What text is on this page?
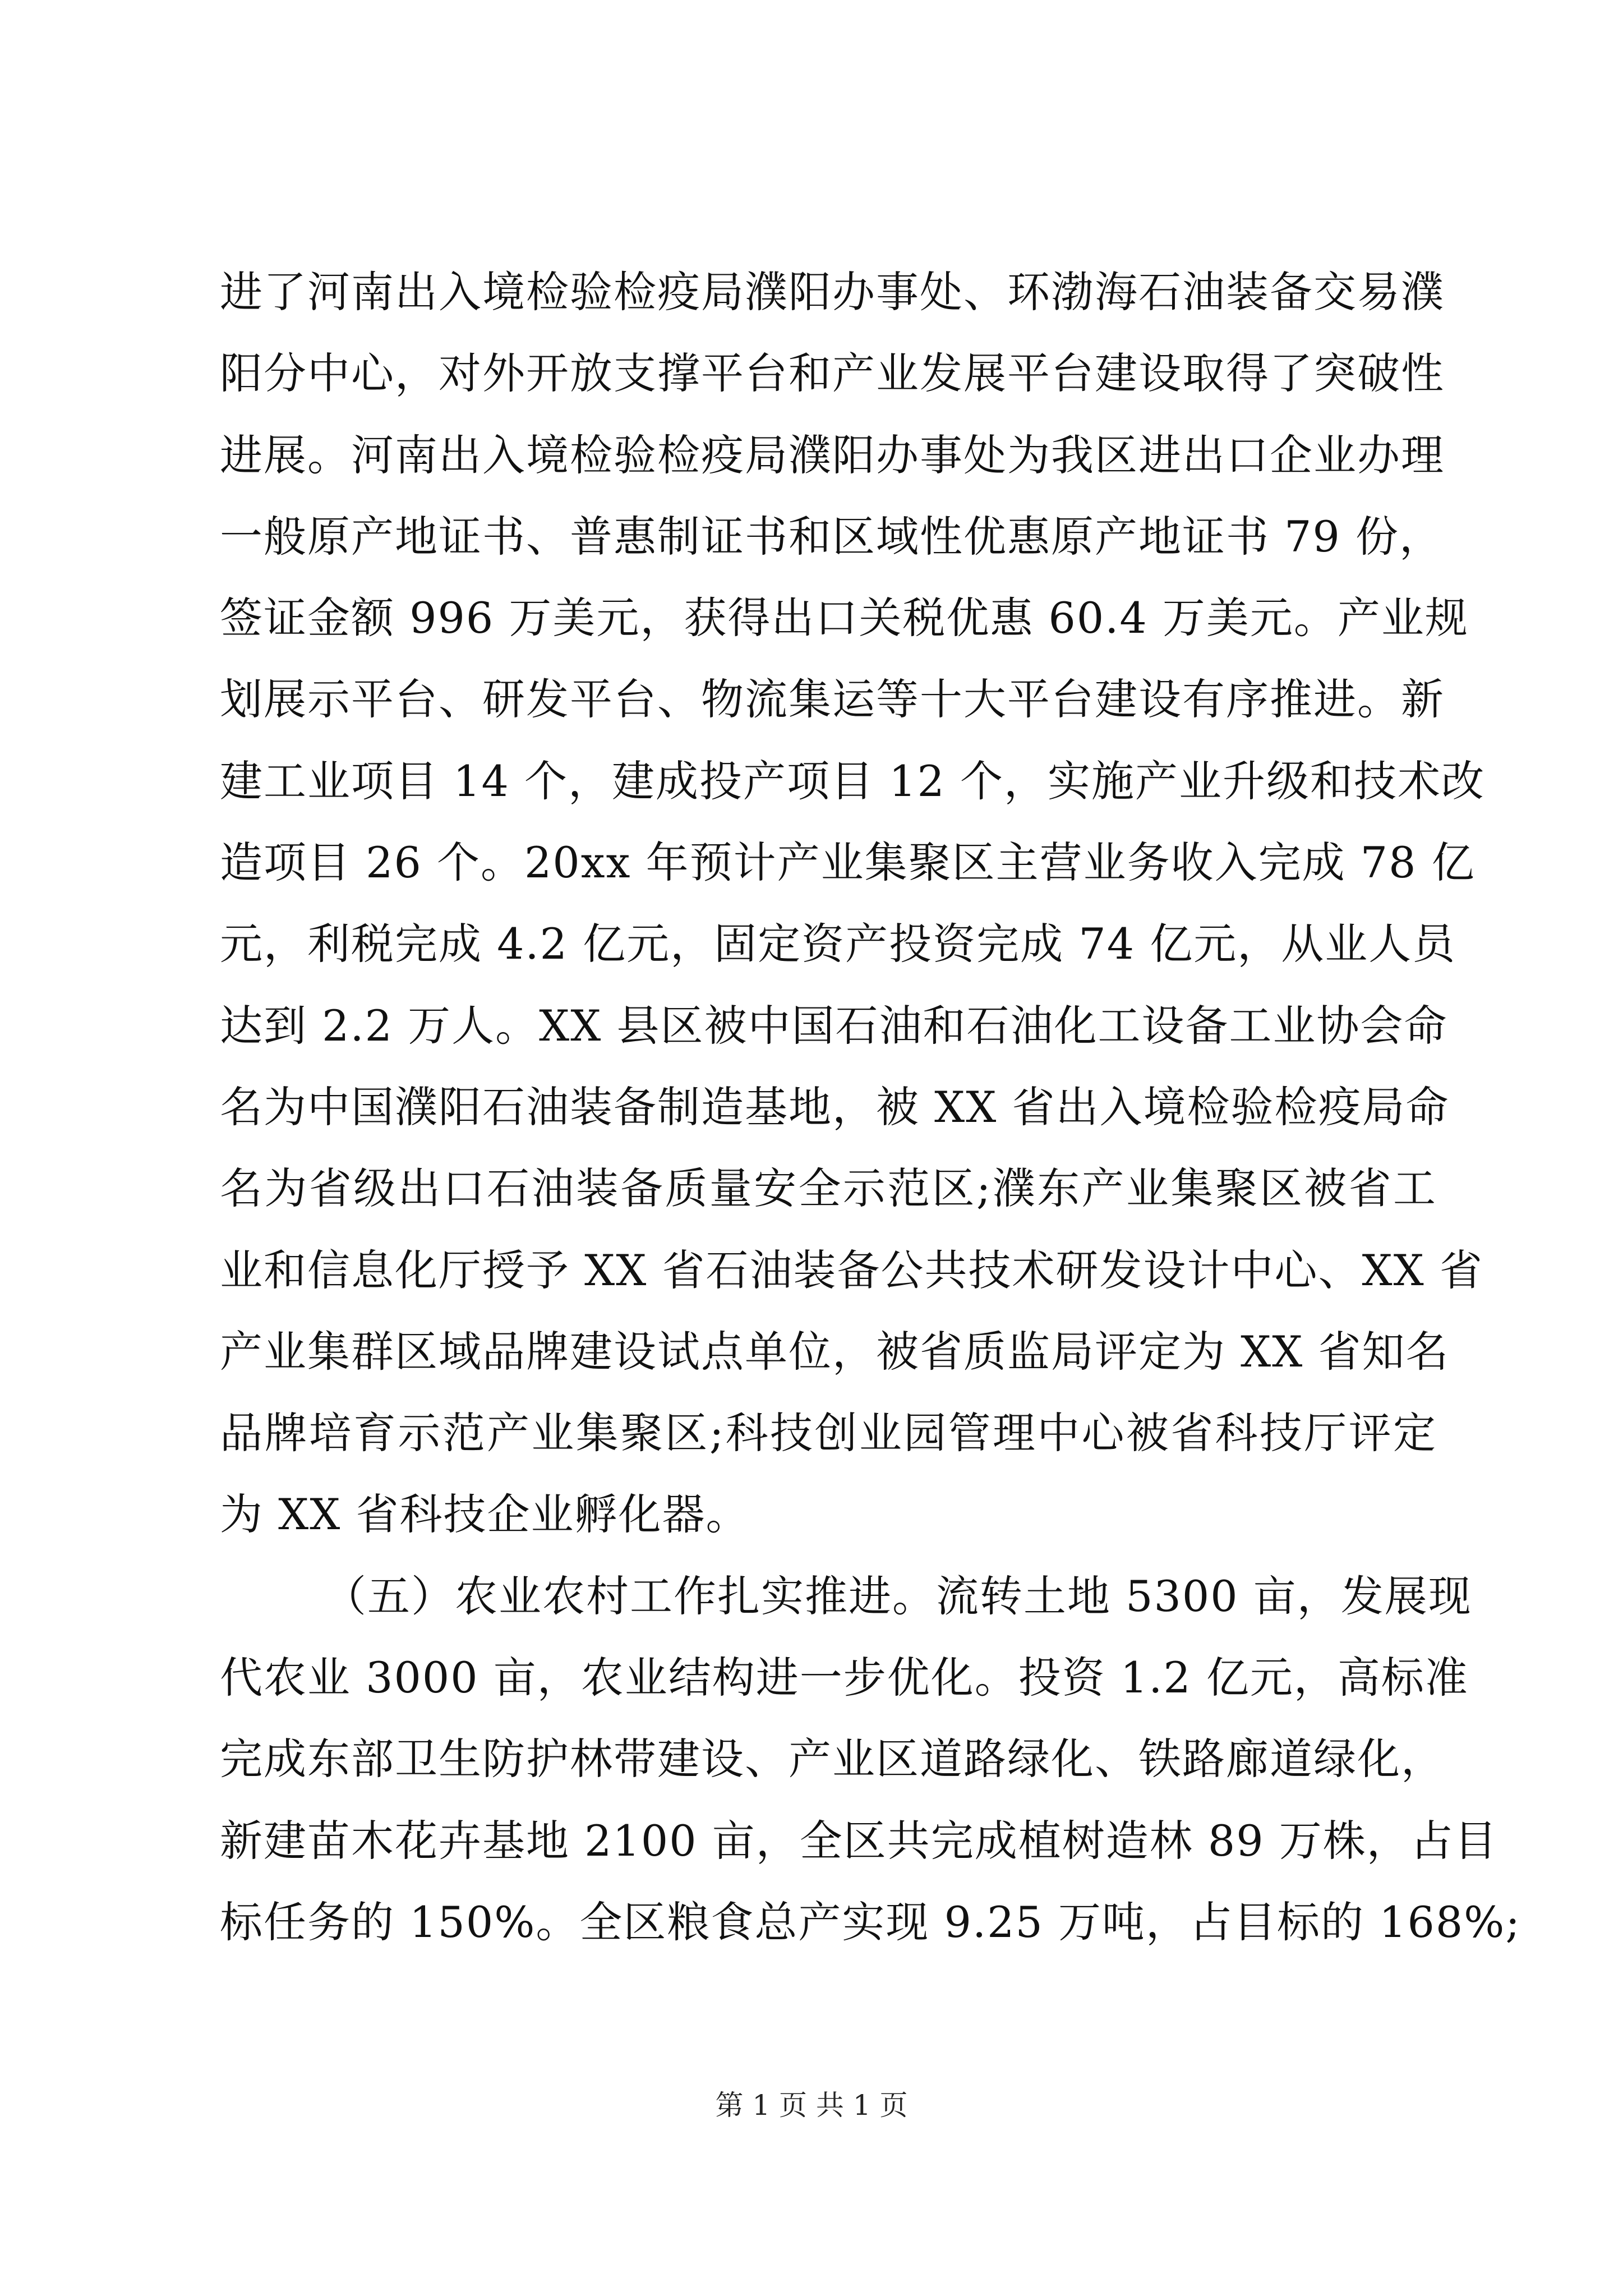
进了河南出入境检验检疫局濮阳办事处、环渤海石油装备交易濮
阳分中心，对外开放支撑平台和产业发展平台建设取得了突破性
进展。河南出入境检验检疫局濮阳办事处为我区进出口企业办理
一般原产地证书、普惠制证书和区域性优惠原产地证书 79 份，
签证金额 996 万美元，获得出口关税优惠 60.4 万美元。产业规
划展示平台、研发平台、物流集运等十大平台建设有序推进。新
建工业项目 14 个，建成投产项目 12 个，实施产业升级和技术改
造项目 26 个。20xx 年预计产业集聚区主营业务收入完成 78 亿
元，利税完成 4.2 亿元，固定资产投资完成 74 亿元，从业人员
达到 2.2 万人。XX 县区被中国石油和石油化工设备工业协会命
名为中国濮阳石油装备制造基地，被 XX 省出入境检验检疫局命
名为省级出口石油装备质量安全示范区;濮东产业集聚区被省工
业和信息化厅授予 XX 省石油装备公共技术研发设计中心、XX 省
产业集群区域品牌建设试点单位，被省质监局评定为 XX 省知名
品牌培育示范产业集聚区;科技创业园管理中心被省科技厅评定
为 XX 省科技企业孵化器。
（五）农业农村工作扎实推进。流转土地 5300 亩，发展现
代农业 3000 亩，农业结构进一步优化。投资 1.2 亿元，高标准
完成东部卫生防护林带建设、产业区道路绿化、铁路廊道绿化，
新建苗木花卉基地 2100 亩，全区共完成植树造林 89 万株，占目
标任务的 150%。全区粮食总产实现 9.25 万吨，占目标的 168%;
第 1 页 共 1 页
